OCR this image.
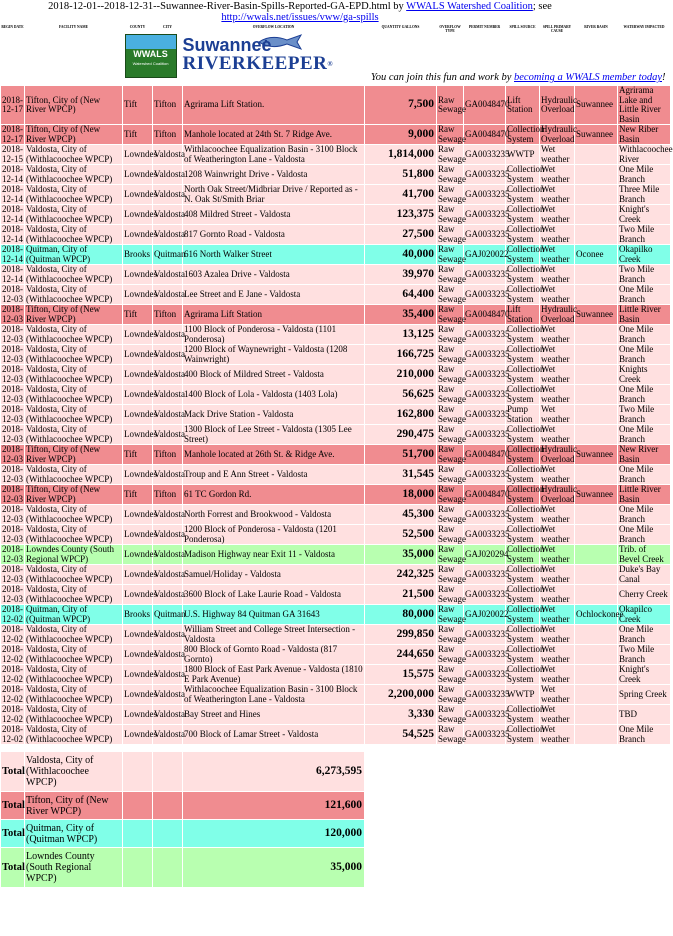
2018-12-01--2018-12-31--Suwannee-River-Basin-Spills-Reported-GA-EPD.html by WWALS Watershed Coalition; see
http://wwals.net/issues/vww/ga-spills
BEGIN DATE	FACILITY NAME	COUNTY	CITY	OVERFLOW LOCATION	QUANTITY GALLONS	OVERFLOW TYPE	PERMIT NUMBER	SPILL SOURCE	SPILL PRIMARY CAUSE	RIVER BASIN	WATERWAY IMPACTED

WWALS
Watershed Coalition
Suwannee
RIVERKEEPER®
You can join this fun and work by becoming a WWALS member today!											

2018-12-17	Tifton, City of (New River WPCP)	Tift	Tifton	Agrirama Lift Station.	7,500	Raw Sewage	GA0048470	Lift Station	Hydraulic Overload	Suwannee	Agrirama Lake and Little River Basin
2018-12-17	Tifton, City of (New River WPCP)	Tift	Tifton	Manhole located at 24th St. 7 Ridge Ave.	9,000	Raw Sewage	GA0048470	Collection System	Hydraulic Overload	Suwannee	New Riber Basin
2018-12-15	Valdosta, City of (Withlacoochee WPCP)	Lowndes	Valdosta	Withlacoochee Equalization Basin - 3100 Block of Weatherington Lane - Valdosta	1,814,000	Raw Sewage	GA0033235	WWTP	Wet weather		Withlacoochee River
2018-12-14	Valdosta, City of (Withlacoochee WPCP)	Lowndes	Valdosta	1208 Wainwright Drive - Valdosta	51,800	Raw Sewage	GA0033235	Collection System	Wet weather		One Mile Branch
2018-12-14	Valdosta, City of (Withlacoochee WPCP)	Lowndes	Valdosta	North Oak Street/Midbriar Drive / Reported as - N. Oak St/Smith Briar	41,700	Raw Sewage	GA0033235	Collection System	Wet weather		Three Mile Branch
2018-12-14	Valdosta, City of (Withlacoochee WPCP)	Lowndes	Valdosta	408 Mildred Street - Valdosta	123,375	Raw Sewage	GA0033235	Collection System	Wet weather		Knight's Creek
2018-12-14	Valdosta, City of (Withlacoochee WPCP)	Lowndes	Valdosta	817 Gornto Road - Valdosta	27,500	Raw Sewage	GA0033235	Collection System	Wet weather		Two Mile Branch
2018-12-14	Quitman, City of (Quitman WPCP)	Brooks	Quitman	616 North Walker Street	40,000	Raw Sewage	GAJ020022	Collection System	Wet weather	Oconee	Okapilko Creek
2018-12-14	Valdosta, City of (Withlacoochee WPCP)	Lowndes	Valdosta	1603 Azalea Drive - Valdosta	39,970	Raw Sewage	GA0033235	Collection System	Wet weather		Two Mile Branch
2018-12-03	Valdosta, City of (Withlacoochee WPCP)	Lowndes	Valdosta	Lee Street and E Jane - Valdosta	64,400	Raw Sewage	GA0033235	Collection System	Wet weather		One Mile Branch
2018-12-03	Tifton, City of (New River WPCP)	Tift	Tifton	Agrirama Lift Station	35,400	Raw Sewage	GA0048470	Lift Station	Hydraulic Overload	Suwannee	Little River Basin
2018-12-03	Valdosta, City of (Withlacoochee WPCP)	Lowndes	Valdosta	1100 Block of Ponderosa - Valdosta (1101 Ponderosa)	13,125	Raw Sewage	GA0033235	Collection System	Wet weather		One Mile Branch
2018-12-03	Valdosta, City of (Withlacoochee WPCP)	Lowndes	Valdosta	1200 Block of Waynewright - Valdosta (1208 Wainwright)	166,725	Raw Sewage	GA0033235	Collection System	Wet weather		One Mile Branch
2018-12-03	Valdosta, City of (Withlacoochee WPCP)	Lowndes	Valdosta	400 Block of Mildred Street - Valdosta	210,000	Raw Sewage	GA0033235	Collection System	Wet weather		Knights Creek
2018-12-03	Valdosta, City of (Withlacoochee WPCP)	Lowndes	Valdosta	1400 Block of Lola - Valdosta (1403 Lola)	56,625	Raw Sewage	GA0033235	Collection System	Wet weather		One Mile Branch
2018-12-03	Valdosta, City of (Withlacoochee WPCP)	Lowndes	Valdosta	Mack Drive Station - Valdosta	162,800	Raw Sewage	GA0033235	Pump Station	Wet weather		Two Mile Branch
2018-12-03	Valdosta, City of (Withlacoochee WPCP)	Lowndes	Valdosta	1300 Block of Lee Street - Valdosta (1305 Lee Street)	290,475	Raw Sewage	GA0033235	Collection System	Wet weather		One Mile Branch
2018-12-03	Tifton, City of (New River WPCP)	Tift	Tifton	Manhole located at 26th St. & Ridge Ave.	51,700	Raw Sewage	GA0048470	Collection System	Hydraulic Overload	Suwannee	New River Basin
2018-12-03	Valdosta, City of (Withlacoochee WPCP)	Lowndes	Valdosta	Troup and E Ann Street - Valdosta	31,545	Raw Sewage	GA0033235	Collection System	Wet weather		One Mile Branch
2018-12-03	Tifton, City of (New River WPCP)	Tift	Tifton	61 TC Gordon Rd.	18,000	Raw Sewage	GA0048470	Collection System	Hydraulic Overload	Suwannee	Little River Basin
2018-12-03	Valdosta, City of (Withlacoochee WPCP)	Lowndes	Valdosta	North Forrest and Brookwood - Valdosta	45,300	Raw Sewage	GA0033235	Collection System	Wet weather		One Mile Branch
2018-12-03	Valdosta, City of (Withlacoochee WPCP)	Lowndes	Valdosta	1200 Block of Ponderosa - Valdosta (1201 Ponderosa)	52,500	Raw Sewage	GA0033235	Collection System	Wet weather		One Mile Branch
2018-12-03	Lowndes County (South Regional WPCP)	Lowndes	Valdosta	Madison Highway near Exit 11 - Valdosta	35,000	Raw Sewage	GAJ020294	Collection System	Wet weather		Trib. of Bevel Creek
2018-12-03	Valdosta, City of (Withlacoochee WPCP)	Lowndes	Valdosta	Samuel/Holiday - Valdosta	242,325	Raw Sewage	GA0033235	Collection System	Wet weather		Duke's Bay Canal
2018-12-03	Valdosta, City of (Withlacoochee WPCP)	Lowndes	Valdosta	3600 Block of Lake Laurie Road - Valdosta	21,500	Raw Sewage	GA0033235	Collection System	Wet weather		Cherry Creek
2018-12-02	Quitman, City of (Quitman WPCP)	Brooks	Quitman	U.S. Highway 84 Quitman GA 31643	80,000	Raw Sewage	GAJ020022	Collection System	Wet weather	Ochlockonee	Okapilco Creek
2018-12-02	Valdosta, City of (Withlacoochee WPCP)	Lowndes	Valdosta	William Street and College Street Intersection - Valdosta	299,850	Raw Sewage	GA0033235	Collection System	Wet weather		One Mile Branch
2018-12-02	Valdosta, City of (Withlacoochee WPCP)	Lowndes	Valdosta	800 Block of Gornto Road - Valdosta (817 Gornto)	244,650	Raw Sewage	GA0033235	Collection System	Wet weather		Two Mile Branch
2018-12-02	Valdosta, City of (Withlacoochee WPCP)	Lowndes	Valdosta	1800 Block of East Park Avenue - Valdosta (1810 E Park Avenue)	15,575	Raw Sewage	GA0033235	Collection System	Wet weather		Knight's Creek
2018-12-02	Valdosta, City of (Withlacoochee WPCP)	Lowndes	Valdosta	Withlacoochee Equalization Basin - 3100 Block of Weatherington Lane - Valdosta	2,200,000	Raw Sewage	GA0033235	WWTP	Wet weather		Spring Creek
2018-12-02	Valdosta, City of (Withlacoochee WPCP)	Lowndes	Valdosta	Bay Street and Hines	3,330	Raw Sewage	GA0033235	Collection System	Wet weather		TBD
2018-12-02	Valdosta, City of (Withlacoochee WPCP)	Lowndes	Valdosta	700 Block of Lamar Street - Valdosta	54,525	Raw Sewage	GA0033235	Collection System	Wet weather		One Mile Branch
Total	Valdosta, City of (Withlacoochee WPCP)			6,273,595
Total	Tifton, City of (New River WPCP)			121,600
Total	Quitman, City of (Quitman WPCP)			120,000
Total	Lowndes County (South Regional WPCP)			35,000
